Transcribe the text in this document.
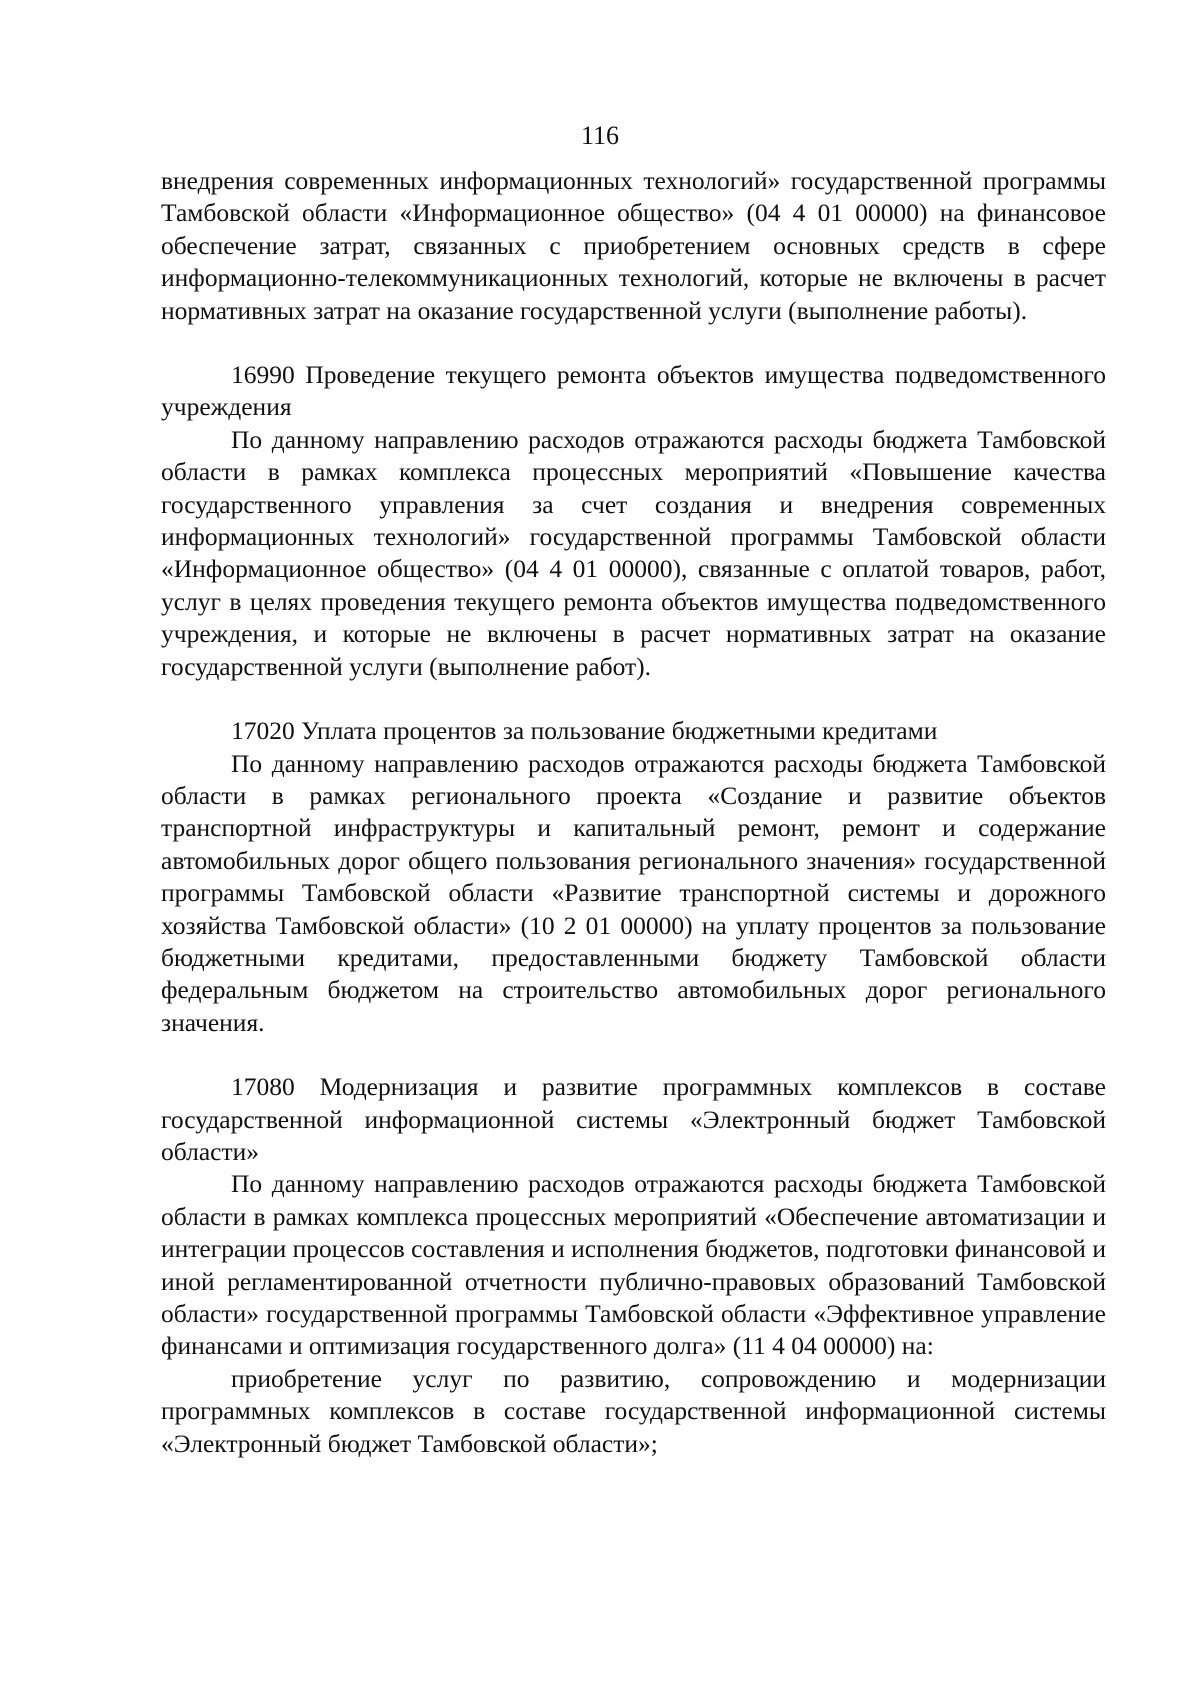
116

внедрения современных информационных технологий» государственной программы Тамбовской области «Информационное общество» (04 4 01 00000) на финансовое обеспечение затрат, связанных с приобретением основных средств в сфере информационно-телекоммуникационных технологий, которые не включены в расчет нормативных затрат на оказание государственной услуги (выполнение работы).

16990 Проведение текущего ремонта объектов имущества подведомственного учреждения

По данному направлению расходов отражаются расходы бюджета Тамбовской области в рамках комплекса процессных мероприятий «Повышение качества государственного управления за счет создания и внедрения современных информационных технологий» государственной программы Тамбовской области «Информационное общество» (04 4 01 00000), связанные с оплатой товаров, работ, услуг в целях проведения текущего ремонта объектов имущества подведомственного учреждения, и которые не включены в расчет нормативных затрат на оказание государственной услуги (выполнение работ).

17020 Уплата процентов за пользование бюджетными кредитами

По данному направлению расходов отражаются расходы бюджета Тамбовской области в рамках регионального проекта «Создание и развитие объектов транспортной инфраструктуры и капитальный ремонт, ремонт и содержание автомобильных дорог общего пользования регионального значения» государственной программы Тамбовской области «Развитие транспортной системы и дорожного хозяйства Тамбовской области» (10 2 01 00000) на уплату процентов за пользование бюджетными кредитами, предоставленными бюджету Тамбовской области федеральным бюджетом на строительство автомобильных дорог регионального значения.

17080 Модернизация и развитие программных комплексов в составе государственной информационной системы «Электронный бюджет Тамбовской области»

По данному направлению расходов отражаются расходы бюджета Тамбовской области в рамках комплекса процессных мероприятий «Обеспечение автоматизации и интеграции процессов составления и исполнения бюджетов, подготовки финансовой и иной регламентированной отчетности публично-правовых образований Тамбовской области» государственной программы Тамбовской области «Эффективное управление финансами и оптимизация государственного долга» (11 4 04 00000) на:

приобретение услуг по развитию, сопровождению и модернизации программных комплексов в составе государственной информационной системы «Электронный бюджет Тамбовской области»;
